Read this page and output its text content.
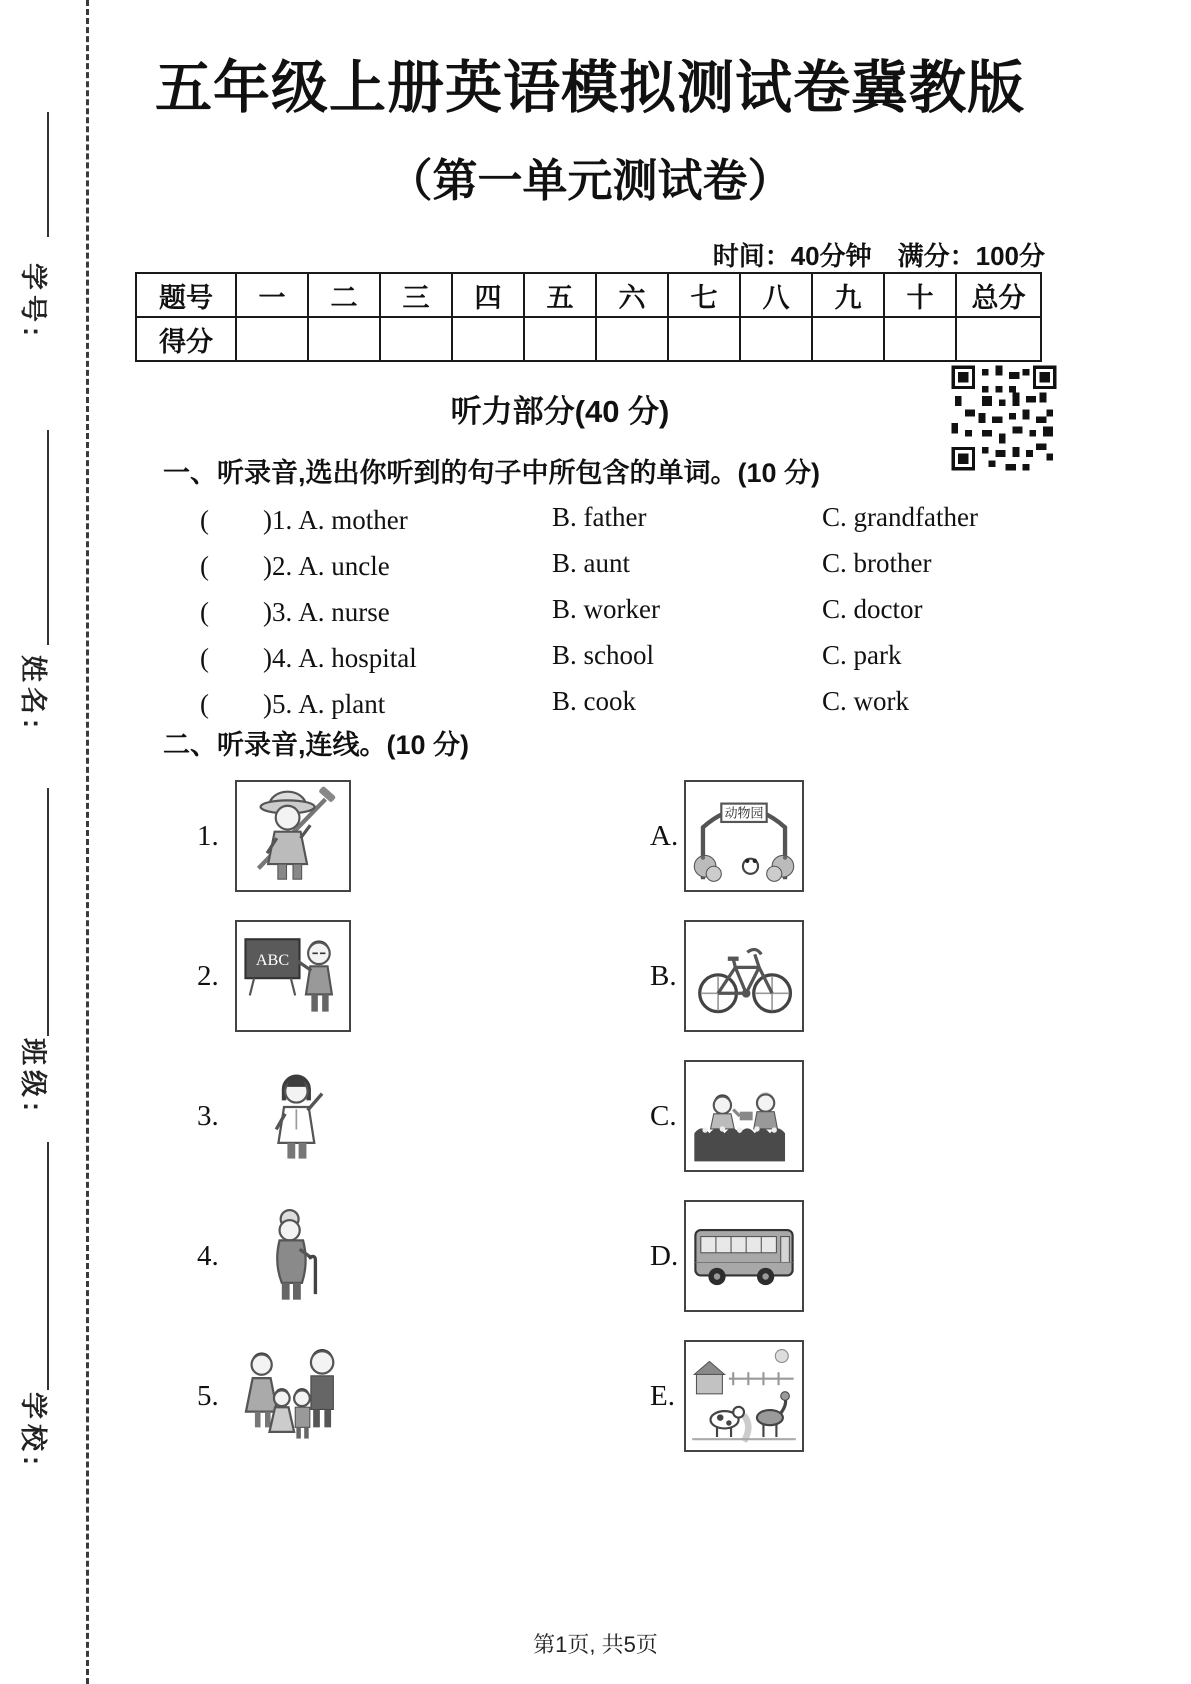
学号:
姓名:
班级:
学校:
五年级上册英语模拟测试卷冀教版
（第一单元测试卷）
时间：40分钟　满分：100分
题号	一	二	三	四	五	六	七	八	九	十	总分
得分											
听力部分(40 分)
一、听录音,选出你听到的句子中所包含的单词。(10 分)
(　　)1. A. mother	B. father	C. grandfather
(　　)2. A. uncle	B. aunt	C. brother
(　　)3. A. nurse	B. worker	C. doctor
(　　)4. A. hospital	B. school	C. park
(　　)5. A. plant	B. cook	C. work
二、听录音,连线。(10 分)
1.	A.
动物园
2.	ABC	B.
3.	C.
4.	D.
5.	E.
第1页, 共5页
